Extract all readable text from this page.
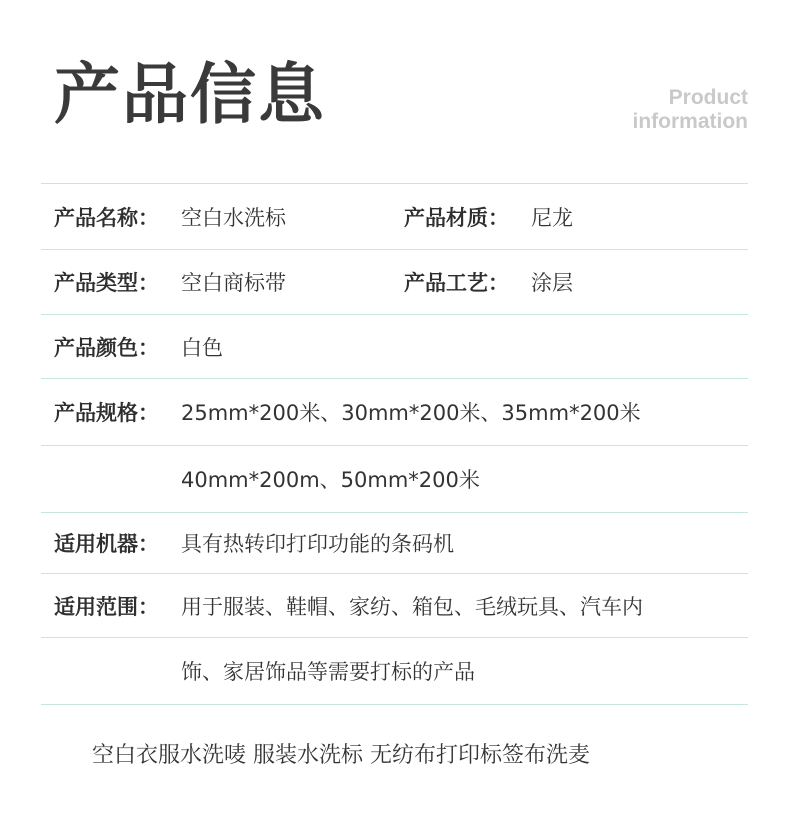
产品信息	Product
information
产品名称： 空白水洗标	产品材质： 尼龙
产品类型： 空白商标带	产品工艺： 涂层
产品颜色： 白色
产品规格： 25mm*200米、30mm*200米、35mm*200米
40mm*200m、50mm*200米
适用机器： 具有热转印打印功能的条码机
适用范围： 用于服装、鞋帽、家纺、箱包、毛绒玩具、汽车内
饰、家居饰品等需要打标的产品
空白衣服水洗唛 服装水洗标 无纺布打印标签布洗麦
